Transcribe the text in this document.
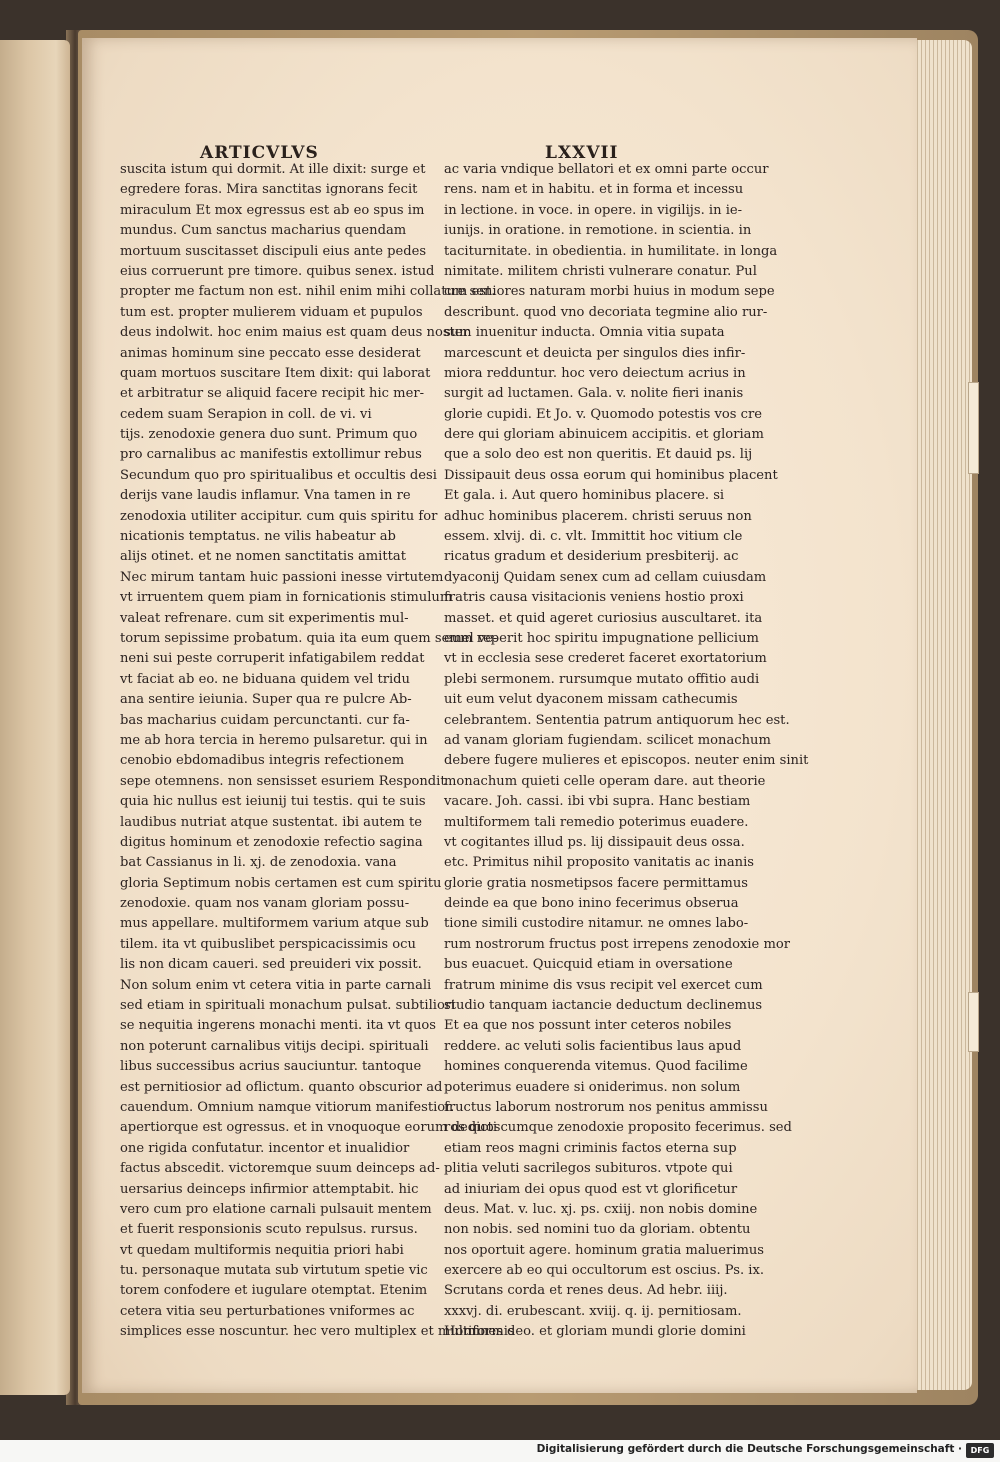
ARTICVLVS	LXXVII
suscita istum qui dormit. At ille dixit: surge et
egredere foras. Mira sanctitas ignorans fecit
miraculum Et mox egressus est ab eo spus im
mundus. Cum sanctus macharius quendam
mortuum suscitasset discipuli eius ante pedes
eius corruerunt pre timore. quibus senex. istud
propter me factum non est. nihil enim mihi collatum est.
tum est. propter mulierem viduam et pupulos
deus indolwit. hoc enim maius est quam deus noster
animas hominum sine peccato esse desiderat
quam mortuos suscitare Item dixit: qui laborat
et arbitratur se aliquid facere recipit hic mer-
cedem suam Serapion in coll. de vi. vi
tijs. zenodoxie genera duo sunt. Primum quo
pro carnalibus ac manifestis extollimur rebus
Secundum quo pro spiritualibus et occultis desi
derijs vane laudis inflamur. Vna tamen in re
zenodoxia utiliter accipitur. cum quis spiritu for
nicationis temptatus. ne vilis habeatur ab
alijs otinet. et ne nomen sanctitatis amittat
Nec mirum tantam huic passioni inesse virtutem
vt irruentem quem piam in fornicationis stimulum
valeat refrenare. cum sit experimentis mul-
torum sepissime probatum. quia ita eum quem semel ve-
neni sui peste corruperit infatigabilem reddat
vt faciat ab eo. ne biduana quidem vel tridu
ana sentire ieiunia. Super qua re pulcre Ab-
bas macharius cuidam percunctanti. cur fa-
me ab hora tercia in heremo pulsaretur. qui in
cenobio ebdomadibus integris refectionem
sepe otemnens. non sensisset esuriem Respondit
quia hic nullus est ieiunij tui testis. qui te suis
laudibus nutriat atque sustentat. ibi autem te
digitus hominum et zenodoxie refectio sagina
bat Cassianus in li. xj. de zenodoxia. vana
gloria Septimum nobis certamen est cum spiritu
zenodoxie. quam nos vanam gloriam possu-
mus appellare. multiformem varium atque sub
tilem. ita vt quibuslibet perspicacissimis ocu
lis non dicam caueri. sed preuideri vix possit.
Non solum enim vt cetera vitia in parte carnali
sed etiam in spirituali monachum pulsat. subtiliori
se nequitia ingerens monachi menti. ita vt quos
non poterunt carnalibus vitijs decipi. spirituali
libus successibus acrius sauciuntur. tantoque
est pernitiosior ad oflictum. quanto obscurior ad
cauendum. Omnium namque vitiorum manifestior.
apertiorque est ogressus. et in vnoquoque eorum dedicti
one rigida confutatur. incentor et inualidior
factus abscedit. victoremque suum deinceps ad-
uersarius deinceps infirmior attemptabit. hic
vero cum pro elatione carnali pulsauit mentem
et fuerit responsionis scuto repulsus. rursus.
vt quedam multiformis nequitia priori habi
tu. personaque mutata sub virtutum spetie vic
torem confodere et iugulare otemptat. Etenim
cetera vitia seu perturbationes vniformes ac
simplices esse noscuntur. hec vero multiplex et multiformis
ac varia vndique bellatori et ex omni parte occur
rens. nam et in habitu. et in forma et incessu
in lectione. in voce. in opere. in vigilijs. in ie-
iunijs. in oratione. in remotione. in scientia. in
taciturnitate. in obedientia. in humilitate. in longa
nimitate. militem christi vulnerare conatur. Pul
cre seniores naturam morbi huius in modum sepe
describunt. quod vno decoriata tegmine alio rur-
sum inuenitur inducta. Omnia vitia supata
marcescunt et deuicta per singulos dies infir-
miora redduntur. hoc vero deiectum acrius in
surgit ad luctamen. Gala. v. nolite fieri inanis
glorie cupidi. Et Jo. v. Quomodo potestis vos cre
dere qui gloriam abinuicem accipitis. et gloriam
que a solo deo est non queritis. Et dauid ps. lij
Dissipauit deus ossa eorum qui hominibus placent
Et gala. i. Aut quero hominibus placere. si
adhuc hominibus placerem. christi seruus non
essem. xlvij. di. c. vlt. Immittit hoc vitium cle
ricatus gradum et desiderium presbiterij. ac
dyaconij Quidam senex cum ad cellam cuiusdam
fratris causa visitacionis veniens hostio proxi
masset. et quid ageret curiosius auscultaret. ita
eum reperit hoc spiritu impugnatione pellicium
vt in ecclesia sese crederet faceret exortatorium
plebi sermonem. rursumque mutato offitio audi
uit eum velut dyaconem missam cathecumis
celebrantem. Sententia patrum antiquorum hec est.
ad vanam gloriam fugiendam. scilicet monachum
debere fugere mulieres et episcopos. neuter enim sinit
monachum quieti celle operam dare. aut theorie
vacare. Joh. cassi. ibi vbi supra. Hanc bestiam
multiformem tali remedio poterimus euadere.
vt cogitantes illud ps. lij dissipauit deus ossa.
etc. Primitus nihil proposito vanitatis ac inanis
glorie gratia nosmetipsos facere permittamus
deinde ea que bono inino fecerimus obserua
tione simili custodire nitamur. ne omnes labo-
rum nostrorum fructus post irrepens zenodoxie mor
bus euacuet. Quicquid etiam in oversatione
fratrum minime dis vsus recipit vel exercet cum
studio tanquam iactancie deductum declinemus
Et ea que nos possunt inter ceteros nobiles
reddere. ac veluti solis facientibus laus apud
homines conquerenda vitemus. Quod facilime
poterimus euadere si oniderimus. non solum
fructus laborum nostrorum nos penitus ammissu
ros quoscumque zenodoxie proposito fecerimus. sed
etiam reos magni criminis factos eterna sup
plitia veluti sacrilegos subituros. vtpote qui
ad iniuriam dei opus quod est vt glorificetur
deus. Mat. v. luc. xj. ps. cxiij. non nobis domine
non nobis. sed nomini tuo da gloriam. obtentu
nos oportuit agere. hominum gratia maluerimus
exercere ab eo qui occultorum est oscius. Ps. ix.
Scrutans corda et renes deus. Ad hebr. iiij.
xxxvj. di. erubescant. xviij. q. ij. pernitiosam.
Homines deo. et gloriam mundi glorie domini
Digitalisierung gefördert durch die Deutsche Forschungsgemeinschaft · DFG
